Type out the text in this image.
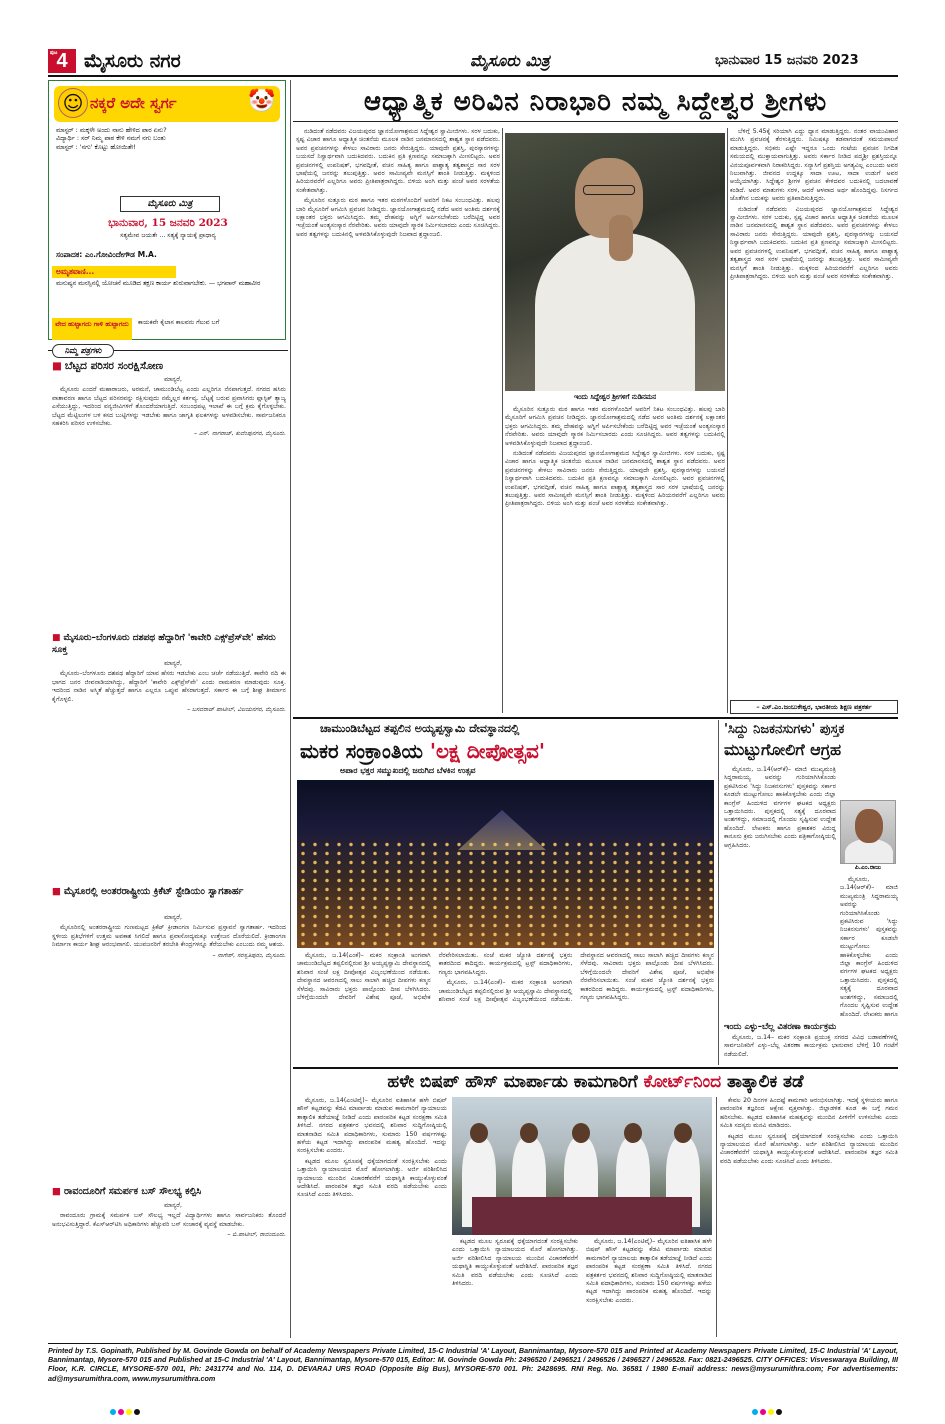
ಪುಟ 4 ಮೈಸೂರು ನಗರ	ಮೈಸೂರು ಮಿತ್ರ	ಭಾನುವಾರ 15 ಜನವರಿ 2023
☺ ನಕ್ಕರೆ ಅದೇ ಸ್ವರ್ಗ	🤡
ಮಾಸ್ಟರ್ : ಮಕ್ಕಳೇ ಅಂದು ನಾನು ಹೇಳಿದ ಪಾಠ ಏನು?
ವಿದ್ಯಾರ್ಥಿ : ಸರ್ ನಿಮ್ಮ ಪಾಠ ಕೇಳಿ ನಮಗೆ ನಗು ಬಂತು
ಮಾಸ್ಟರ್ : 'ನಗು' ಕೊಟ್ಟು ಹೋಯಿತೇ!
ಮೈಸೂರು ಮಿತ್ರ
ಭಾನುವಾರ, 15 ಜನವರಿ 2023
ಸತ್ಯಮೇವ ಜಯತೇ ... ಸತ್ಯಕ್ಕೆ ನ್ಯಾಯಕ್ಕೆ ಪ್ರಾಧಾನ್ಯ
ಸಂಪಾದಕ: ಎಂ.ಗೋವಿಂದೇಗೌಡ M.A.
ಅಮೃತವಾಣಿ...
ಮನುಷ್ಯನ ಮನಸ್ಸಿನಲ್ಲಿ ಯೋಚನೆ ಮೂಡಿದ ತಕ್ಷಣ ಕಾರ್ಯ ಶುರುವಾಗಬೇಕು. — ಭಗವಾನ್ ಮಹಾವೀರ
ವೇದ ಹುಟ್ಟಾಗದು ಗಾಳಿ ಹುಟ್ಟಾಗದು	ಕಾಯಕವೇ ಕೈಲಾಸ ಕಾಲವನು ಗೆಲುವ ಬಗೆ
ನಿಮ್ಮ ಪತ್ರಗಳು
■ ಬೆಟ್ಟದ ಪರಿಸರ ಸಂರಕ್ಷಿಸೋಣ

ಮಾನ್ಯರೆ,

ಮೈಸೂರು ಎಂದರೆ ಮಹಾರಾಜರು, ಅರಮನೆ, ಚಾಮುಂಡಿಬೆಟ್ಟ ಎಂದು ಎಲ್ಲರಿಗೂ ನೆನಪಾಗುತ್ತದೆ. ನಗರದ ಹಸಿರು ವಾತಾವರಣ ಹಾಗೂ ಬೆಟ್ಟದ ಪರಿಸರವನ್ನು ರಕ್ಷಿಸುವುದು ನಮ್ಮೆಲ್ಲರ ಕರ್ತವ್ಯ. ಬೆಟ್ಟಕ್ಕೆ ಬರುವ ಪ್ರವಾಸಿಗರು ಪ್ಲಾಸ್ಟಿಕ್ ತ್ಯಾಜ್ಯ ಎಸೆಯುತ್ತಿದ್ದು, ಇದರಿಂದ ವನ್ಯಜೀವಿಗಳಿಗೆ ತೊಂದರೆಯಾಗುತ್ತಿದೆ. ಸಂಬಂಧಪಟ್ಟ ಇಲಾಖೆ ಈ ಬಗ್ಗೆ ಕ್ರಮ ಕೈಗೊಳ್ಳಬೇಕು. ಬೆಟ್ಟದ ಮೆಟ್ಟಿಲುಗಳ ಬಳಿ ಕಸದ ಬುಟ್ಟಿಗಳನ್ನು ಇಡಬೇಕು ಹಾಗೂ ಜಾಗೃತಿ ಫಲಕಗಳನ್ನು ಅಳವಡಿಸಬೇಕು. ಸಾರ್ವಜನಿಕರೂ ಸಹಕರಿಸಿ ಪರಿಸರ ಉಳಿಸಬೇಕು.

– ಎನ್. ನಾಗರಾಜ್, ಕುವೆಂಪುನಗರ, ಮೈಸೂರು.
■ ಮೈಸೂರು–ಬೆಂಗಳೂರು ದಶಪಥ ಹೆದ್ದಾರಿಗೆ 'ಕಾವೇರಿ ಎಕ್ಸ್‌ಪ್ರೆಸ್‌ವೇ' ಹೆಸರು ಸೂಕ್ತ

ಮಾನ್ಯರೆ,

ಮೈಸೂರು–ಬೆಂಗಳೂರು ದಶಪಥ ಹೆದ್ದಾರಿಗೆ ಯಾವ ಹೆಸರು ಇಡಬೇಕು ಎಂಬ ಚರ್ಚೆ ನಡೆಯುತ್ತಿದೆ. ಕಾವೇರಿ ನದಿ ಈ ಭಾಗದ ಜನರ ಜೀವನಾಡಿಯಾಗಿದ್ದು, ಹೆದ್ದಾರಿಗೆ 'ಕಾವೇರಿ ಎಕ್ಸ್‌ಪ್ರೆಸ್‌ವೇ' ಎಂದು ನಾಮಕರಣ ಮಾಡುವುದು ಸೂಕ್ತ. ಇದರಿಂದ ನಾಡಿನ ಅಸ್ಮಿತೆ ಹೆಚ್ಚುತ್ತದೆ ಹಾಗೂ ಎಲ್ಲರೂ ಒಪ್ಪುವ ಹೆಸರಾಗುತ್ತದೆ. ಸರ್ಕಾರ ಈ ಬಗ್ಗೆ ಶೀಘ್ರ ತೀರ್ಮಾನ ಕೈಗೊಳ್ಳಲಿ.

– ಬಸವರಾಜ್ ಪಾಟೀಲ್, ವಿಜಯನಗರ, ಮೈಸೂರು.
■ ಮೈಸೂರಲ್ಲಿ ಅಂತರರಾಷ್ಟ್ರೀಯ ಕ್ರಿಕೆಟ್ ಸ್ಟೇಡಿಯಂ ಸ್ವಾಗತಾರ್ಹ

ಮಾನ್ಯರೆ,

ಮೈಸೂರಿನಲ್ಲಿ ಅಂತರರಾಷ್ಟ್ರೀಯ ಗುಣಮಟ್ಟದ ಕ್ರಿಕೆಟ್ ಕ್ರೀಡಾಂಗಣ ನಿರ್ಮಿಸುವ ಪ್ರಸ್ತಾವನೆ ಸ್ವಾಗತಾರ್ಹ. ಇದರಿಂದ ಸ್ಥಳೀಯ ಪ್ರತಿಭೆಗಳಿಗೆ ಉತ್ತಮ ಅವಕಾಶ ಸಿಗಲಿದೆ ಹಾಗೂ ಪ್ರವಾಸೋದ್ಯಮಕ್ಕೂ ಉತ್ತೇಜನ ದೊರೆಯಲಿದೆ. ಕ್ರೀಡಾಂಗಣ ನಿರ್ಮಾಣ ಕಾರ್ಯ ಶೀಘ್ರ ಆರಂಭವಾಗಲಿ. ಯುವಜನರಿಗೆ ತರಬೇತಿ ಕೇಂದ್ರಗಳನ್ನೂ ತೆರೆಯಬೇಕು ಎಂಬುದು ನಮ್ಮ ಆಶಯ.

– ನಾಗೇಶ್, ಸರಸ್ವತಿಪುರಂ, ಮೈಸೂರು.
■ ರಾವಂದೂರಿಗೆ ಸಮರ್ಪಕ ಬಸ್ ಸೌಲಭ್ಯ ಕಲ್ಪಿಸಿ

ಮಾನ್ಯರೆ,

ರಾವಂದೂರು ಗ್ರಾಮಕ್ಕೆ ಸಮರ್ಪಕ ಬಸ್ ಸೌಲಭ್ಯ ಇಲ್ಲದೆ ವಿದ್ಯಾರ್ಥಿಗಳು ಹಾಗೂ ಸಾರ್ವಜನಿಕರು ತೊಂದರೆ ಅನುಭವಿಸುತ್ತಿದ್ದಾರೆ. ಕೆಎಸ್‌ಆರ್‌ಟಿಸಿ ಅಧಿಕಾರಿಗಳು ಹೆಚ್ಚುವರಿ ಬಸ್ ಸಂಚಾರಕ್ಕೆ ವ್ಯವಸ್ಥೆ ಮಾಡಬೇಕು.

– ಬಿ.ಪಾಟೀಲ್, ರಾವಂದೂರು.
ಆಧ್ಯಾತ್ಮಿಕ ಅರಿವಿನ ನಿರಾಭಾರಿ ನಮ್ಮ ಸಿದ್ದೇಶ್ವರ ಶ್ರೀಗಳು

ನುಡಿದಂತೆ ನಡೆದವರು ವಿಜಯಪುರದ ಜ್ಞಾನಯೋಗಾಶ್ರಮದ ಸಿದ್ದೇಶ್ವರ ಸ್ವಾಮೀಜಿಗಳು. ಸರಳ ಬದುಕು, ಸ್ಪಷ್ಟ ವಿಚಾರ ಹಾಗೂ ಆಧ್ಯಾತ್ಮಿಕ ಚಿಂತನೆಯ ಮೂಲಕ ನಾಡಿನ ಜನಮಾನಸದಲ್ಲಿ ಶಾಶ್ವತ ಸ್ಥಾನ ಪಡೆದವರು. ಅವರ ಪ್ರವಚನಗಳನ್ನು ಕೇಳಲು ಸಾವಿರಾರು ಜನರು ಸೇರುತ್ತಿದ್ದರು. ಯಾವುದೇ ಪ್ರಶಸ್ತಿ, ಪುರಸ್ಕಾರಗಳನ್ನು ಬಯಸದೆ ನಿಸ್ವಾರ್ಥವಾಗಿ ಬದುಕಿದವರು. ಬದುಕಿನ ಪ್ರತಿ ಕ್ಷಣವನ್ನೂ ಸಮಾಜಕ್ಕಾಗಿ ಮೀಸಲಿಟ್ಟರು. ಅವರ ಪ್ರವಚನಗಳಲ್ಲಿ ಉಪನಿಷತ್, ಭಗವದ್ಗೀತೆ, ವಚನ ಸಾಹಿತ್ಯ ಹಾಗೂ ಪಾಶ್ಚಾತ್ಯ ತತ್ವಶಾಸ್ತ್ರದ ಸಾರ ಸರಳ ಭಾಷೆಯಲ್ಲಿ ಜನರನ್ನು ತಲುಪುತ್ತಿತ್ತು. ಅವರ ಸಾಮೀಪ್ಯವೇ ಮನಸ್ಸಿಗೆ ಶಾಂತಿ ನೀಡುತ್ತಿತ್ತು. ಮಕ್ಕಳಿಂದ ಹಿರಿಯರವರೆಗೆ ಎಲ್ಲರಿಗೂ ಅವರು ಪ್ರೀತಿಪಾತ್ರರಾಗಿದ್ದರು. ಬಿಳಿಯ ಅಂಗಿ ಮತ್ತು ಪಂಚೆ ಅವರ ಸರಳತೆಯ ಸಂಕೇತವಾಗಿತ್ತು.

ಮೈಸೂರಿನ ಸುತ್ತೂರು ಮಠ ಹಾಗೂ ಇತರ ಮಠಗಳೊಂದಿಗೆ ಅವರಿಗೆ ನಿಕಟ ಸಂಬಂಧವಿತ್ತು. ಹಲವು ಬಾರಿ ಮೈಸೂರಿಗೆ ಆಗಮಿಸಿ ಪ್ರವಚನ ನೀಡಿದ್ದರು. ಜ್ಞಾನಯೋಗಾಶ್ರಮದಲ್ಲಿ ನಡೆದ ಅವರ ಅಂತಿಮ ದರ್ಶನಕ್ಕೆ ಲಕ್ಷಾಂತರ ಭಕ್ತರು ಆಗಮಿಸಿದ್ದರು. ತಮ್ಮ ದೇಹವನ್ನು ಅಗ್ನಿಗೆ ಅರ್ಪಿಸಬೇಕೆಂದು ಬರೆದಿಟ್ಟಿದ್ದ ಅವರ ಇಚ್ಛೆಯಂತೆ ಅಂತ್ಯಸಂಸ್ಕಾರ ನೆರವೇರಿತು. ಅವರು ಯಾವುದೇ ಸ್ಮಾರಕ ನಿರ್ಮಿಸಬಾರದು ಎಂದು ಸೂಚಿಸಿದ್ದರು. ಅವರ ತತ್ವಗಳನ್ನು ಬದುಕಿನಲ್ಲಿ ಅಳವಡಿಸಿಕೊಳ್ಳುವುದೇ ನಿಜವಾದ ಶ್ರದ್ಧಾಂಜಲಿ.

ಇಂದು ಸಿದ್ದೇಶ್ವರ ಶ್ರೀಗಳಿಗೆ ನುಡಿನಮನ

ಮೈಸೂರಿನ ಸುತ್ತೂರು ಮಠ ಹಾಗೂ ಇತರ ಮಠಗಳೊಂದಿಗೆ ಅವರಿಗೆ ನಿಕಟ ಸಂಬಂಧವಿತ್ತು. ಹಲವು ಬಾರಿ ಮೈಸೂರಿಗೆ ಆಗಮಿಸಿ ಪ್ರವಚನ ನೀಡಿದ್ದರು. ಜ್ಞಾನಯೋಗಾಶ್ರಮದಲ್ಲಿ ನಡೆದ ಅವರ ಅಂತಿಮ ದರ್ಶನಕ್ಕೆ ಲಕ್ಷಾಂತರ ಭಕ್ತರು ಆಗಮಿಸಿದ್ದರು. ತಮ್ಮ ದೇಹವನ್ನು ಅಗ್ನಿಗೆ ಅರ್ಪಿಸಬೇಕೆಂದು ಬರೆದಿಟ್ಟಿದ್ದ ಅವರ ಇಚ್ಛೆಯಂತೆ ಅಂತ್ಯಸಂಸ್ಕಾರ ನೆರವೇರಿತು. ಅವರು ಯಾವುದೇ ಸ್ಮಾರಕ ನಿರ್ಮಿಸಬಾರದು ಎಂದು ಸೂಚಿಸಿದ್ದರು. ಅವರ ತತ್ವಗಳನ್ನು ಬದುಕಿನಲ್ಲಿ ಅಳವಡಿಸಿಕೊಳ್ಳುವುದೇ ನಿಜವಾದ ಶ್ರದ್ಧಾಂಜಲಿ.

ನುಡಿದಂತೆ ನಡೆದವರು ವಿಜಯಪುರದ ಜ್ಞಾನಯೋಗಾಶ್ರಮದ ಸಿದ್ದೇಶ್ವರ ಸ್ವಾಮೀಜಿಗಳು. ಸರಳ ಬದುಕು, ಸ್ಪಷ್ಟ ವಿಚಾರ ಹಾಗೂ ಆಧ್ಯಾತ್ಮಿಕ ಚಿಂತನೆಯ ಮೂಲಕ ನಾಡಿನ ಜನಮಾನಸದಲ್ಲಿ ಶಾಶ್ವತ ಸ್ಥಾನ ಪಡೆದವರು. ಅವರ ಪ್ರವಚನಗಳನ್ನು ಕೇಳಲು ಸಾವಿರಾರು ಜನರು ಸೇರುತ್ತಿದ್ದರು. ಯಾವುದೇ ಪ್ರಶಸ್ತಿ, ಪುರಸ್ಕಾರಗಳನ್ನು ಬಯಸದೆ ನಿಸ್ವಾರ್ಥವಾಗಿ ಬದುಕಿದವರು. ಬದುಕಿನ ಪ್ರತಿ ಕ್ಷಣವನ್ನೂ ಸಮಾಜಕ್ಕಾಗಿ ಮೀಸಲಿಟ್ಟರು. ಅವರ ಪ್ರವಚನಗಳಲ್ಲಿ ಉಪನಿಷತ್, ಭಗವದ್ಗೀತೆ, ವಚನ ಸಾಹಿತ್ಯ ಹಾಗೂ ಪಾಶ್ಚಾತ್ಯ ತತ್ವಶಾಸ್ತ್ರದ ಸಾರ ಸರಳ ಭಾಷೆಯಲ್ಲಿ ಜನರನ್ನು ತಲುಪುತ್ತಿತ್ತು. ಅವರ ಸಾಮೀಪ್ಯವೇ ಮನಸ್ಸಿಗೆ ಶಾಂತಿ ನೀಡುತ್ತಿತ್ತು. ಮಕ್ಕಳಿಂದ ಹಿರಿಯರವರೆಗೆ ಎಲ್ಲರಿಗೂ ಅವರು ಪ್ರೀತಿಪಾತ್ರರಾಗಿದ್ದರು. ಬಿಳಿಯ ಅಂಗಿ ಮತ್ತು ಪಂಚೆ ಅವರ ಸರಳತೆಯ ಸಂಕೇತವಾಗಿತ್ತು.

ಬೆಳಿಗ್ಗೆ 5.45ಕ್ಕೆ ಸರಿಯಾಗಿ ಎದ್ದು ಧ್ಯಾನ ಮಾಡುತ್ತಿದ್ದರು. ನಂತರ ವಾಯುವಿಹಾರ ಮುಗಿಸಿ ಪ್ರವಚನಕ್ಕೆ ತೆರಳುತ್ತಿದ್ದರು. ನಿಮಿಷಕ್ಕೂ ತಡವಾಗದಂತೆ ಸಮಯಪಾಲನೆ ಮಾಡುತ್ತಿದ್ದರು. ಸಭಿಕರು ಎಷ್ಟೇ ಇದ್ದರೂ ಒಂದು ಗಂಟೆಯ ಪ್ರವಚನ ನಿಗದಿತ ಸಮಯದಲ್ಲಿ ಮುಕ್ತಾಯವಾಗುತ್ತಿತ್ತು. ಅವರು ಸರ್ಕಾರ ನೀಡಿದ ಪದ್ಮಶ್ರೀ ಪ್ರಶಸ್ತಿಯನ್ನೂ ವಿನಯಪೂರ್ವಕವಾಗಿ ನಿರಾಕರಿಸಿದ್ದರು. ಸನ್ಯಾಸಿಗೆ ಪ್ರಶಸ್ತಿಯ ಅಗತ್ಯವಿಲ್ಲ ಎಂಬುದು ಅವರ ನಿಲುವಾಗಿತ್ತು. ಜೀವನದ ಉದ್ದಕ್ಕೂ ಸಾದಾ ಊಟ, ಸಾದಾ ಉಡುಗೆ ಅವರ ಆಯ್ಕೆಯಾಗಿತ್ತು. ಸಿದ್ದೇಶ್ವರ ಶ್ರೀಗಳ ಪ್ರವಚನ ಕೇಳಿದವರ ಬದುಕಿನಲ್ಲಿ ಬದಲಾವಣೆ ಕಂಡಿದೆ. ಅವರ ಮಾತುಗಳು ಸರಳ, ಆದರೆ ಆಳವಾದ ಅರ್ಥ ಹೊಂದಿದ್ದವು. ನಿಸರ್ಗದ ಜೊತೆಗಿನ ಬದುಕನ್ನು ಅವರು ಪ್ರತಿಪಾದಿಸುತ್ತಿದ್ದರು.

ನುಡಿದಂತೆ ನಡೆದವರು ವಿಜಯಪುರದ ಜ್ಞಾನಯೋಗಾಶ್ರಮದ ಸಿದ್ದೇಶ್ವರ ಸ್ವಾಮೀಜಿಗಳು. ಸರಳ ಬದುಕು, ಸ್ಪಷ್ಟ ವಿಚಾರ ಹಾಗೂ ಆಧ್ಯಾತ್ಮಿಕ ಚಿಂತನೆಯ ಮೂಲಕ ನಾಡಿನ ಜನಮಾನಸದಲ್ಲಿ ಶಾಶ್ವತ ಸ್ಥಾನ ಪಡೆದವರು. ಅವರ ಪ್ರವಚನಗಳನ್ನು ಕೇಳಲು ಸಾವಿರಾರು ಜನರು ಸೇರುತ್ತಿದ್ದರು. ಯಾವುದೇ ಪ್ರಶಸ್ತಿ, ಪುರಸ್ಕಾರಗಳನ್ನು ಬಯಸದೆ ನಿಸ್ವಾರ್ಥವಾಗಿ ಬದುಕಿದವರು. ಬದುಕಿನ ಪ್ರತಿ ಕ್ಷಣವನ್ನೂ ಸಮಾಜಕ್ಕಾಗಿ ಮೀಸಲಿಟ್ಟರು. ಅವರ ಪ್ರವಚನಗಳಲ್ಲಿ ಉಪನಿಷತ್, ಭಗವದ್ಗೀತೆ, ವಚನ ಸಾಹಿತ್ಯ ಹಾಗೂ ಪಾಶ್ಚಾತ್ಯ ತತ್ವಶಾಸ್ತ್ರದ ಸಾರ ಸರಳ ಭಾಷೆಯಲ್ಲಿ ಜನರನ್ನು ತಲುಪುತ್ತಿತ್ತು. ಅವರ ಸಾಮೀಪ್ಯವೇ ಮನಸ್ಸಿಗೆ ಶಾಂತಿ ನೀಡುತ್ತಿತ್ತು. ಮಕ್ಕಳಿಂದ ಹಿರಿಯರವರೆಗೆ ಎಲ್ಲರಿಗೂ ಅವರು ಪ್ರೀತಿಪಾತ್ರರಾಗಿದ್ದರು. ಬಿಳಿಯ ಅಂಗಿ ಮತ್ತು ಪಂಚೆ ಅವರ ಸರಳತೆಯ ಸಂಕೇತವಾಗಿತ್ತು.

– ಎಸ್.ಎಂ.ಜಂಬುಕೇಶ್ವರ, ಭಾರತೀಯ ಶಿಕ್ಷಣ ಪತ್ರಕರ್ತ
ಚಾಮುಂಡಿಬೆಟ್ಟದ ತಪ್ಪಲಿನ ಅಯ್ಯಪ್ಪಸ್ವಾಮಿ ದೇವಸ್ಥಾನದಲ್ಲಿ
ಮಕರ ಸಂಕ್ರಾಂತಿಯ 'ಲಕ್ಷ ದೀಪೋತ್ಸವ'
ಅಪಾರ ಭಕ್ತರ ಸಮ್ಮುಖದಲ್ಲಿ ಜರುಗಿದ ಬೆಳಕಿನ ಉತ್ಸವ

ಮೈಸೂರು, ಜ.14(ಎಂಕೆ)– ಮಕರ ಸಂಕ್ರಾಂತಿ ಅಂಗವಾಗಿ ಚಾಮುಂಡಿಬೆಟ್ಟದ ತಪ್ಪಲಿನಲ್ಲಿರುವ ಶ್ರೀ ಅಯ್ಯಪ್ಪಸ್ವಾಮಿ ದೇವಸ್ಥಾನದಲ್ಲಿ ಶನಿವಾರ ಸಂಜೆ ಲಕ್ಷ ದೀಪೋತ್ಸವ ವಿಜೃಂಭಣೆಯಿಂದ ನಡೆಯಿತು. ದೇವಸ್ಥಾನದ ಆವರಣದಲ್ಲಿ ಸಾಲು ಸಾಲಾಗಿ ಹಚ್ಚಿದ ದೀಪಗಳು ಕಣ್ಮನ ಸೆಳೆದವು. ಸಾವಿರಾರು ಭಕ್ತರು ಪಾಲ್ಗೊಂಡು ದೀಪ ಬೆಳಗಿಸಿದರು. ಬೆಳಿಗ್ಗೆಯಿಂದಲೇ ದೇವರಿಗೆ ವಿಶೇಷ ಪೂಜೆ, ಅಭಿಷೇಕ ನೆರವೇರಿಸಲಾಯಿತು. ಸಂಜೆ ಮಕರ ಜ್ಯೋತಿ ದರ್ಶನಕ್ಕೆ ಭಕ್ತರು ಕಾತರದಿಂದ ಕಾದಿದ್ದರು. ಕಾರ್ಯಕ್ರಮದಲ್ಲಿ ಟ್ರಸ್ಟ್ ಪದಾಧಿಕಾರಿಗಳು, ಗಣ್ಯರು ಭಾಗವಹಿಸಿದ್ದರು.

ಮೈಸೂರು, ಜ.14(ಎಂಕೆ)– ಮಕರ ಸಂಕ್ರಾಂತಿ ಅಂಗವಾಗಿ ಚಾಮುಂಡಿಬೆಟ್ಟದ ತಪ್ಪಲಿನಲ್ಲಿರುವ ಶ್ರೀ ಅಯ್ಯಪ್ಪಸ್ವಾಮಿ ದೇವಸ್ಥಾನದಲ್ಲಿ ಶನಿವಾರ ಸಂಜೆ ಲಕ್ಷ ದೀಪೋತ್ಸವ ವಿಜೃಂಭಣೆಯಿಂದ ನಡೆಯಿತು. ದೇವಸ್ಥಾನದ ಆವರಣದಲ್ಲಿ ಸಾಲು ಸಾಲಾಗಿ ಹಚ್ಚಿದ ದೀಪಗಳು ಕಣ್ಮನ ಸೆಳೆದವು. ಸಾವಿರಾರು ಭಕ್ತರು ಪಾಲ್ಗೊಂಡು ದೀಪ ಬೆಳಗಿಸಿದರು. ಬೆಳಿಗ್ಗೆಯಿಂದಲೇ ದೇವರಿಗೆ ವಿಶೇಷ ಪೂಜೆ, ಅಭಿಷೇಕ ನೆರವೇರಿಸಲಾಯಿತು. ಸಂಜೆ ಮಕರ ಜ್ಯೋತಿ ದರ್ಶನಕ್ಕೆ ಭಕ್ತರು ಕಾತರದಿಂದ ಕಾದಿದ್ದರು. ಕಾರ್ಯಕ್ರಮದಲ್ಲಿ ಟ್ರಸ್ಟ್ ಪದಾಧಿಕಾರಿಗಳು, ಗಣ್ಯರು ಭಾಗವಹಿಸಿದ್ದರು.

'ಸಿದ್ದು ನಿಜಕನಸುಗಳು' ಪುಸ್ತಕ
ಮುಟ್ಟುಗೋಲಿಗೆ ಆಗ್ರಹ

ಮೈಸೂರು, ಜ.14(ಆರ್‌ಕೆ)– ಮಾಜಿ ಮುಖ್ಯಮಂತ್ರಿ ಸಿದ್ದರಾಮಯ್ಯ ಅವರನ್ನು ಗುರಿಯಾಗಿಸಿಕೊಂಡು ಪ್ರಕಟಿಸಿರುವ 'ಸಿದ್ದು ನಿಜಕನಸುಗಳು' ಪುಸ್ತಕವನ್ನು ಸರ್ಕಾರ ಕೂಡಲೇ ಮುಟ್ಟುಗೋಲು ಹಾಕಿಕೊಳ್ಳಬೇಕು ಎಂದು ಜಿಲ್ಲಾ ಕಾಂಗ್ರೆಸ್ ಹಿಂದುಳಿದ ವರ್ಗಗಳ ಘಟಕದ ಅಧ್ಯಕ್ಷರು ಒತ್ತಾಯಿಸಿದರು. ಪುಸ್ತಕದಲ್ಲಿ ಸತ್ಯಕ್ಕೆ ದೂರವಾದ ಅಂಶಗಳಿದ್ದು, ಸಮಾಜದಲ್ಲಿ ಗೊಂದಲ ಸೃಷ್ಟಿಸುವ ಉದ್ದೇಶ ಹೊಂದಿದೆ. ಲೇಖಕರು ಹಾಗೂ ಪ್ರಕಾಶಕರ ವಿರುದ್ಧ ಕಾನೂನು ಕ್ರಮ ಜರುಗಿಸಬೇಕು ಎಂದು ಪತ್ರಿಕಾಗೋಷ್ಠಿಯಲ್ಲಿ ಆಗ್ರಹಿಸಿದರು.

ಪಿ.ಎಂ.ರಾಜು

ಮೈಸೂರು, ಜ.14(ಆರ್‌ಕೆ)– ಮಾಜಿ ಮುಖ್ಯಮಂತ್ರಿ ಸಿದ್ದರಾಮಯ್ಯ ಅವರನ್ನು ಗುರಿಯಾಗಿಸಿಕೊಂಡು ಪ್ರಕಟಿಸಿರುವ 'ಸಿದ್ದು ನಿಜಕನಸುಗಳು' ಪುಸ್ತಕವನ್ನು ಸರ್ಕಾರ ಕೂಡಲೇ ಮುಟ್ಟುಗೋಲು ಹಾಕಿಕೊಳ್ಳಬೇಕು ಎಂದು ಜಿಲ್ಲಾ ಕಾಂಗ್ರೆಸ್ ಹಿಂದುಳಿದ ವರ್ಗಗಳ ಘಟಕದ ಅಧ್ಯಕ್ಷರು ಒತ್ತಾಯಿಸಿದರು. ಪುಸ್ತಕದಲ್ಲಿ ಸತ್ಯಕ್ಕೆ ದೂರವಾದ ಅಂಶಗಳಿದ್ದು, ಸಮಾಜದಲ್ಲಿ ಗೊಂದಲ ಸೃಷ್ಟಿಸುವ ಉದ್ದೇಶ ಹೊಂದಿದೆ. ಲೇಖಕರು ಹಾಗೂ

ಇಂದು ಎಳ್ಳು–ಬೆಲ್ಲ ವಿತರಣಾ ಕಾರ್ಯಕ್ರಮ

ಮೈಸೂರು, ಜ.14– ಮಕರ ಸಂಕ್ರಾಂತಿ ಪ್ರಯುಕ್ತ ನಗರದ ವಿವಿಧ ಬಡಾವಣೆಗಳಲ್ಲಿ ಸಾರ್ವಜನಿಕರಿಗೆ ಎಳ್ಳು–ಬೆಲ್ಲ ವಿತರಣಾ ಕಾರ್ಯಕ್ರಮ ಭಾನುವಾರ ಬೆಳಿಗ್ಗೆ 10 ಗಂಟೆಗೆ ನಡೆಯಲಿದೆ.

ಹಳೇ ಬಿಷಪ್ ಹೌಸ್ ಮಾರ್ಪಾಡು ಕಾಮಗಾರಿಗೆ ಕೋರ್ಟ್‌ನಿಂದ ತಾತ್ಕಾಲಿಕ ತಡೆ

ಮೈಸೂರು, ಜ.14(ಎಂಟಿವೈ)– ಮೈಸೂರಿನ ಐತಿಹಾಸಿಕ ಹಳೇ ಬಿಷಪ್ ಹೌಸ್ ಕಟ್ಟಡವನ್ನು ಕೆಡವಿ ಮಾರ್ಪಾಡು ಮಾಡುವ ಕಾಮಗಾರಿಗೆ ನ್ಯಾಯಾಲಯ ತಾತ್ಕಾಲಿಕ ತಡೆಯಾಜ್ಞೆ ನೀಡಿದೆ ಎಂದು ಪಾರಂಪರಿಕ ಕಟ್ಟಡ ಸಂರಕ್ಷಣಾ ಸಮಿತಿ ತಿಳಿಸಿದೆ. ನಗರದ ಪತ್ರಕರ್ತರ ಭವನದಲ್ಲಿ ಶನಿವಾರ ಸುದ್ದಿಗೋಷ್ಠಿಯಲ್ಲಿ ಮಾತನಾಡಿದ ಸಮಿತಿ ಪದಾಧಿಕಾರಿಗಳು, ಸುಮಾರು 150 ವರ್ಷಗಳಷ್ಟು ಹಳೆಯ ಕಟ್ಟಡ ಇದಾಗಿದ್ದು ಪಾರಂಪರಿಕ ಮಹತ್ವ ಹೊಂದಿದೆ. ಇದನ್ನು ಸಂರಕ್ಷಿಸಬೇಕು ಎಂದರು.

ಕಟ್ಟಡದ ಮೂಲ ಸ್ವರೂಪಕ್ಕೆ ಧಕ್ಕೆಯಾಗದಂತೆ ಸಂರಕ್ಷಿಸಬೇಕು ಎಂದು ಒತ್ತಾಯಿಸಿ ನ್ಯಾಯಾಲಯದ ಮೊರೆ ಹೋಗಲಾಗಿತ್ತು. ಅರ್ಜಿ ಪರಿಶೀಲಿಸಿದ ನ್ಯಾಯಾಲಯ ಮುಂದಿನ ವಿಚಾರಣೆವರೆಗೆ ಯಥಾಸ್ಥಿತಿ ಕಾಯ್ದುಕೊಳ್ಳುವಂತೆ ಆದೇಶಿಸಿದೆ. ಪಾರಂಪರಿಕ ತಜ್ಞರ ಸಮಿತಿ ವರದಿ ಪಡೆಯಬೇಕು ಎಂದು ಸೂಚಿಸಿದೆ ಎಂದು ತಿಳಿಸಿದರು.

ಕಟ್ಟಡದ ಮೂಲ ಸ್ವರೂಪಕ್ಕೆ ಧಕ್ಕೆಯಾಗದಂತೆ ಸಂರಕ್ಷಿಸಬೇಕು ಎಂದು ಒತ್ತಾಯಿಸಿ ನ್ಯಾಯಾಲಯದ ಮೊರೆ ಹೋಗಲಾಗಿತ್ತು. ಅರ್ಜಿ ಪರಿಶೀಲಿಸಿದ ನ್ಯಾಯಾಲಯ ಮುಂದಿನ ವಿಚಾರಣೆವರೆಗೆ ಯಥಾಸ್ಥಿತಿ ಕಾಯ್ದುಕೊಳ್ಳುವಂತೆ ಆದೇಶಿಸಿದೆ. ಪಾರಂಪರಿಕ ತಜ್ಞರ ಸಮಿತಿ ವರದಿ ಪಡೆಯಬೇಕು ಎಂದು ಸೂಚಿಸಿದೆ ಎಂದು ತಿಳಿಸಿದರು.

ಮೈಸೂರು, ಜ.14(ಎಂಟಿವೈ)– ಮೈಸೂರಿನ ಐತಿಹಾಸಿಕ ಹಳೇ ಬಿಷಪ್ ಹೌಸ್ ಕಟ್ಟಡವನ್ನು ಕೆಡವಿ ಮಾರ್ಪಾಡು ಮಾಡುವ ಕಾಮಗಾರಿಗೆ ನ್ಯಾಯಾಲಯ ತಾತ್ಕಾಲಿಕ ತಡೆಯಾಜ್ಞೆ ನೀಡಿದೆ ಎಂದು ಪಾರಂಪರಿಕ ಕಟ್ಟಡ ಸಂರಕ್ಷಣಾ ಸಮಿತಿ ತಿಳಿಸಿದೆ. ನಗರದ ಪತ್ರಕರ್ತರ ಭವನದಲ್ಲಿ ಶನಿವಾರ ಸುದ್ದಿಗೋಷ್ಠಿಯಲ್ಲಿ ಮಾತನಾಡಿದ ಸಮಿತಿ ಪದಾಧಿಕಾರಿಗಳು, ಸುಮಾರು 150 ವರ್ಷಗಳಷ್ಟು ಹಳೆಯ ಕಟ್ಟಡ ಇದಾಗಿದ್ದು ಪಾರಂಪರಿಕ ಮಹತ್ವ ಹೊಂದಿದೆ. ಇದನ್ನು ಸಂರಕ್ಷಿಸಬೇಕು ಎಂದರು.

ಕೇವಲ 20 ದಿನಗಳ ಹಿಂದಷ್ಟೆ ಕಾಮಗಾರಿ ಆರಂಭಿಸಲಾಗಿತ್ತು. ಇದಕ್ಕೆ ಸ್ಥಳೀಯರು ಹಾಗೂ ಪಾರಂಪರಿಕ ತಜ್ಞರಿಂದ ಆಕ್ಷೇಪ ವ್ಯಕ್ತವಾಗಿತ್ತು. ಜಿಲ್ಲಾಡಳಿತ ಕೂಡ ಈ ಬಗ್ಗೆ ಗಮನ ಹರಿಸಬೇಕು. ಕಟ್ಟಡದ ಐತಿಹಾಸಿಕ ಮಹತ್ವವನ್ನು ಮುಂದಿನ ಪೀಳಿಗೆಗೆ ಉಳಿಸಬೇಕು ಎಂದು ಸಮಿತಿ ಸದಸ್ಯರು ಮನವಿ ಮಾಡಿದರು.

ಕಟ್ಟಡದ ಮೂಲ ಸ್ವರೂಪಕ್ಕೆ ಧಕ್ಕೆಯಾಗದಂತೆ ಸಂರಕ್ಷಿಸಬೇಕು ಎಂದು ಒತ್ತಾಯಿಸಿ ನ್ಯಾಯಾಲಯದ ಮೊರೆ ಹೋಗಲಾಗಿತ್ತು. ಅರ್ಜಿ ಪರಿಶೀಲಿಸಿದ ನ್ಯಾಯಾಲಯ ಮುಂದಿನ ವಿಚಾರಣೆವರೆಗೆ ಯಥಾಸ್ಥಿತಿ ಕಾಯ್ದುಕೊಳ್ಳುವಂತೆ ಆದೇಶಿಸಿದೆ. ಪಾರಂಪರಿಕ ತಜ್ಞರ ಸಮಿತಿ ವರದಿ ಪಡೆಯಬೇಕು ಎಂದು ಸೂಚಿಸಿದೆ ಎಂದು ತಿಳಿಸಿದರು.

Printed by T.S. Gopinath, Published by M. Govinde Gowda on behalf of Academy Newspapers Private Limited, 15-C Industrial 'A' Layout, Bannimantap, Mysore-570 015 and Printed at Academy Newspapers Private Limited, 15-C Industrial 'A' Layout, Bannimantap, Mysore-570 015 and Published at 15-C Industrial 'A' Layout, Bannimantap, Mysore-570 015, Editor: M. Govinde Gowda Ph: 2496520 / 2496521 / 2496526 / 2496527 / 2496528. Fax: 0821-2496525. CITY OFFICES: Visveswaraya Building, III Floor, K.R. CIRCLE, MYSORE-570 001, Ph: 2431774 and No. 114, D. DEVARAJ URS ROAD (Opposite Big Bus), MYSORE-570 001. Ph: 2428695. RNI Reg. No. 36581 / 1980 E-mail address: news@mysurumithra.com; For advertisements: ad@mysurumithra.com, www.mysurumithra.com
